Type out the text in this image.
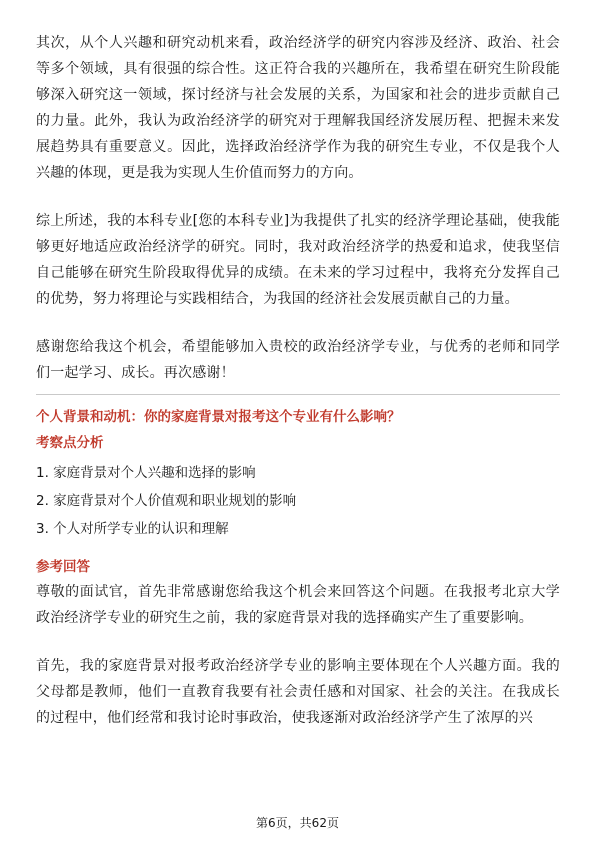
其次，从个人兴趣和研究动机来看，政治经济学的研究内容涉及经济、政治、社会等多个领域，具有很强的综合性。这正符合我的兴趣所在，我希望在研究生阶段能够深入研究这一领域，探讨经济与社会发展的关系，为国家和社会的进步贡献自己的力量。此外，我认为政治经济学的研究对于理解我国经济发展历程、把握未来发展趋势具有重要意义。因此，选择政治经济学作为我的研究生专业，不仅是我个人兴趣的体现，更是我为实现人生价值而努力的方向。

综上所述，我的本科专业[您的本科专业]为我提供了扎实的经济学理论基础，使我能够更好地适应政治经济学的研究。同时，我对政治经济学的热爱和追求，使我坚信自己能够在研究生阶段取得优异的成绩。在未来的学习过程中，我将充分发挥自己的优势，努力将理论与实践相结合，为我国的经济社会发展贡献自己的力量。

感谢您给我这个机会，希望能够加入贵校的政治经济学专业，与优秀的老师和同学们一起学习、成长。再次感谢！

个人背景和动机：你的家庭背景对报考这个专业有什么影响？

考察点分析

1. 家庭背景对个人兴趣和选择的影响
2. 家庭背景对个人价值观和职业规划的影响
3. 个人对所学专业的认识和理解

参考回答

尊敬的面试官，首先非常感谢您给我这个机会来回答这个问题。在我报考北京大学政治经济学专业的研究生之前，我的家庭背景对我的选择确实产生了重要影响。

首先，我的家庭背景对报考政治经济学专业的影响主要体现在个人兴趣方面。我的父母都是教师，他们一直教育我要有社会责任感和对国家、社会的关注。在我成长的过程中，他们经常和我讨论时事政治，使我逐渐对政治经济学产生了浓厚的兴

第6页，共62页
